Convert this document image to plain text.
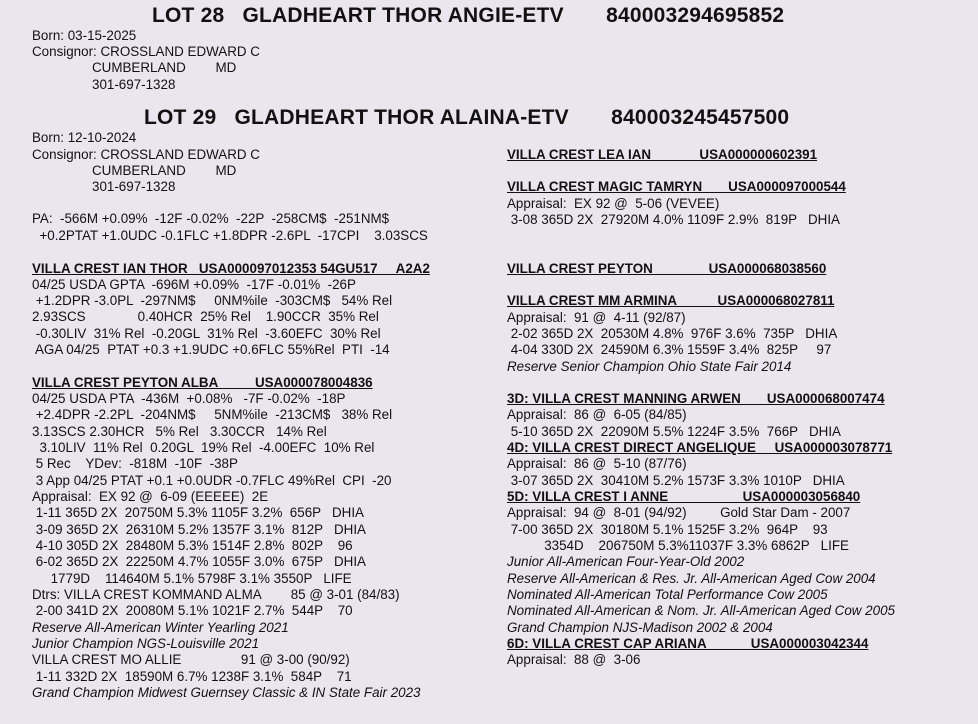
LOT 28   GLADHEART THOR ANGIE-ETV       840003294695852
Born: 03-15-2025
Consignor: CROSSLAND EDWARD C
CUMBERLAND        MD
301-697-1328
LOT 29   GLADHEART THOR ALAINA-ETV       840003245457500
Born: 12-10-2024
Consignor: CROSSLAND EDWARD C
CUMBERLAND        MD
301-697-1328
PA:  -566M +0.09%  -12F -0.02%  -22P  -258CM$  -251NM$
+0.2PTAT +1.0UDC -0.1FLC +1.8DPR -2.6PL  -17CPI    3.03SCS
VILLA CREST IAN THOR   USA000097012353 54GU517     A2A2
04/25 USDA GPTA  -696M +0.09%  -17F -0.01%  -26P
+1.2DPR -3.0PL  -297NM$     0NM%ile  -303CM$   54% Rel
2.93SCS              0.40HCR  25% Rel    1.90CCR  35% Rel
-0.30LIV  31% Rel  -0.20GL  31% Rel  -3.60EFC  30% Rel
AGA 04/25  PTAT +0.3 +1.9UDC +0.6FLC 55%Rel  PTI  -14
VILLA CREST PEYTON ALBA          USA000078004836
04/25 USDA PTA  -436M  +0.08%   -7F -0.02%  -18P
+2.4DPR -2.2PL  -204NM$     5NM%ile  -213CM$   38% Rel
3.13SCS 2.30HCR   5% Rel   3.30CCR   14% Rel
3.10LIV  11% Rel  0.20GL  19% Rel  -4.00EFC  10% Rel
5 Rec    YDev:  -818M  -10F  -38P
3 App 04/25 PTAT +0.1 +0.0UDR -0.7FLC 49%Rel  CPI  -20
Appraisal:  EX 92 @  6-09 (EEEEE)  2E
1-11 365D 2X  20750M 5.3% 1105F 3.2%  656P   DHIA
3-09 365D 2X  26310M 5.2% 1357F 3.1%  812P   DHIA
4-10 305D 2X  28480M 5.3% 1514F 2.8%  802P    96
6-02 365D 2X  22250M 4.7% 1055F 3.0%  675P   DHIA
1779D    114640M 5.1% 5798F 3.1% 3550P   LIFE
Dtrs: VILLA CREST KOMMAND ALMA        85 @ 3-01 (84/83)
2-00 341D 2X  20080M 5.1% 1021F 2.7%  544P    70
Reserve All-American Winter Yearling 2021
Junior Champion NGS-Louisville 2021
VILLA CREST MO ALLIE                91 @ 3-00 (90/92)
1-11 332D 2X  18590M 6.7% 1238F 3.1%  584P    71
Grand Champion Midwest Guernsey Classic & IN State Fair 2023
VILLA CREST LEA IAN             USA000000602391
VILLA CREST MAGIC TAMRYN       USA000097000544
Appraisal:  EX 92 @  5-06 (VEVEE)
3-08 365D 2X  27920M 4.0% 1109F 2.9%  819P   DHIA
VILLA CREST PEYTON               USA000068038560
VILLA CREST MM ARMINA           USA000068027811
Appraisal:  91 @  4-11 (92/87)
2-02 365D 2X  20530M 4.8%  976F 3.6%  735P   DHIA
4-04 330D 2X  24590M 6.3% 1559F 3.4%  825P     97
Reserve Senior Champion Ohio State Fair 2014
3D: VILLA CREST MANNING ARWEN       USA000068007474
Appraisal:  86 @  6-05 (84/85)
5-10 365D 2X  22090M 5.5% 1224F 3.5%  766P   DHIA
4D: VILLA CREST DIRECT ANGELIQUE     USA000003078771
Appraisal:  86 @  5-10 (87/76)
3-07 365D 2X  30410M 5.2% 1573F 3.3% 1010P   DHIA
5D: VILLA CREST I ANNE                    USA000003056840
Appraisal:  94 @  8-01 (94/92)         Gold Star Dam - 2007
7-00 365D 2X  30180M 5.1% 1525F 3.2%  964P    93
3354D    206750M 5.3%11037F 3.3% 6862P   LIFE
Junior All-American Four-Year-Old 2002
Reserve All-American & Res. Jr. All-American Aged Cow 2004
Nominated All-American Total Performance Cow 2005
Nominated All-American & Nom. Jr. All-American Aged Cow 2005
Grand Champion NJS-Madison 2002 & 2004
6D: VILLA CREST CAP ARIANA            USA000003042344
Appraisal:  88 @  3-06
